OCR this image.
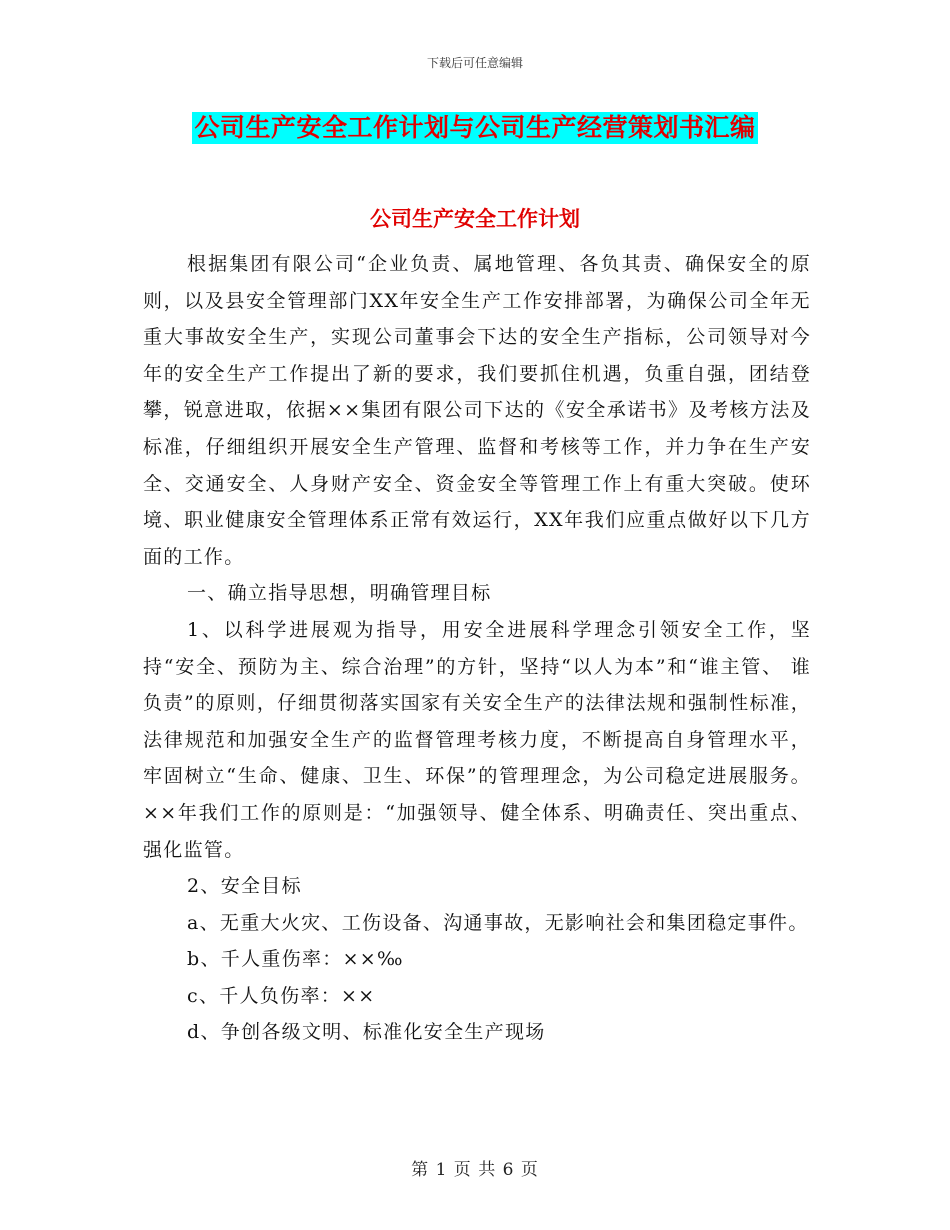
下载后可任意编辑
公司生产安全工作计划与公司生产经营策划书汇编
公司生产安全工作计划

根据集团有限公司“企业负责、属地管理、各负其责、确保安全的原则，以及县安全管理部门XX年安全生产工作安排部署，为确保公司全年无重大事故安全生产，实现公司董事会下达的安全生产指标，公司领导对今年的安全生产工作提出了新的要求，我们要抓住机遇，负重自强，团结登攀，锐意进取，依据××集团有限公司下达的《安全承诺书》及考核方法及标准，仔细组织开展安全生产管理、监督和考核等工作，并力争在生产安全、交通安全、人身财产安全、资金安全等管理工作上有重大突破。使环境、职业健康安全管理体系正常有效运行，XX年我们应重点做好以下几方面的工作。

一、确立指导思想，明确管理目标

1、以科学进展观为指导，用安全进展科学理念引领安全工作，坚持“安全、预防为主、综合治理”的方针，坚持“以人为本”和“谁主管、 谁负责”的原则，仔细贯彻落实国家有关安全生产的法律法规和强制性标准，法律规范和加强安全生产的监督管理考核力度，不断提高自身管理水平，牢固树立“生命、健康、卫生、环保”的管理理念，为公司稳定进展服务。××年我们工作的原则是：“加强领导、健全体系、明确责任、突出重点、强化监管。

2、安全目标

a、无重大火灾、工伤设备、沟通事故，无影响社会和集团稳定事件。

b、千人重伤率：××‰

c、千人负伤率：××

d、争创各级文明、标准化安全生产现场

第 1 页 共 6 页
